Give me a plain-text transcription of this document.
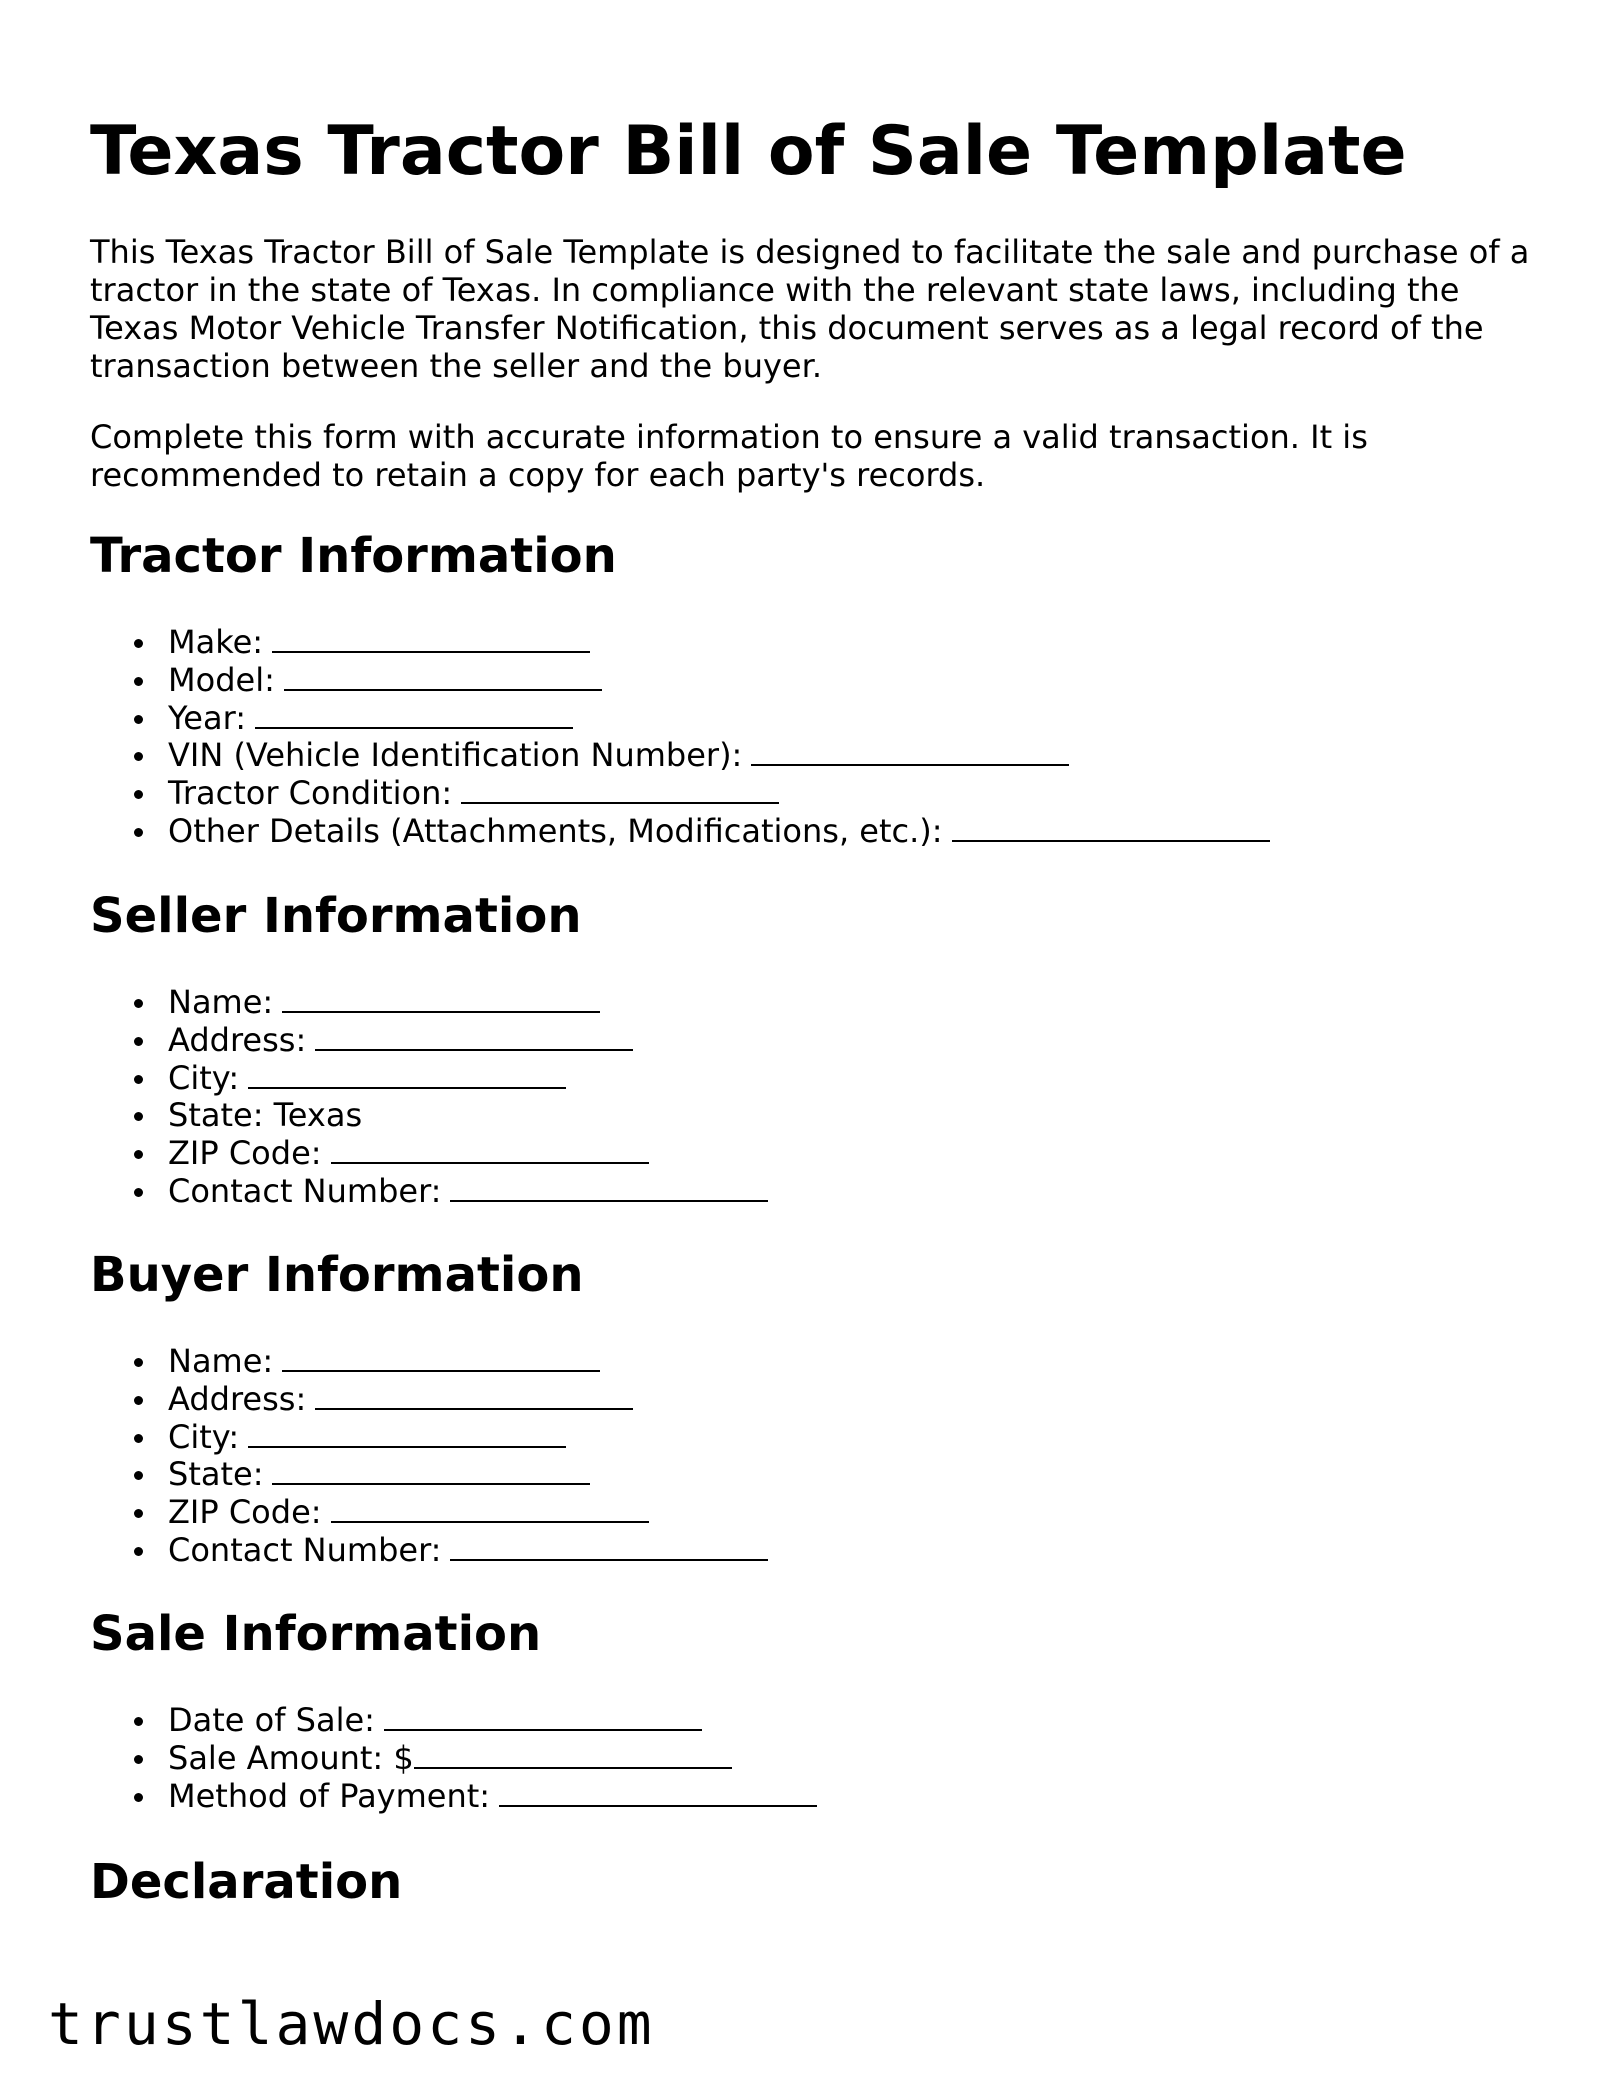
Texas Tractor Bill of Sale Template

This Texas Tractor Bill of Sale Template is designed to facilitate the sale and purchase of a tractor in the state of Texas. In compliance with the relevant state laws, including the Texas Motor Vehicle Transfer Notification, this document serves as a legal record of the transaction between the seller and the buyer.

Complete this form with accurate information to ensure a valid transaction. It is recommended to retain a copy for each party's records.

Tractor Information
Make:
Model:
Year:
VIN (Vehicle Identification Number):
Tractor Condition:
Other Details (Attachments, Modifications, etc.):
Seller Information
Name:
Address:
City:
State: Texas
ZIP Code:
Contact Number:
Buyer Information
Name:
Address:
City:
State:
ZIP Code:
Contact Number:
Sale Information
Date of Sale:
Sale Amount: $
Method of Payment:
Declaration
trustlawdocs.com
